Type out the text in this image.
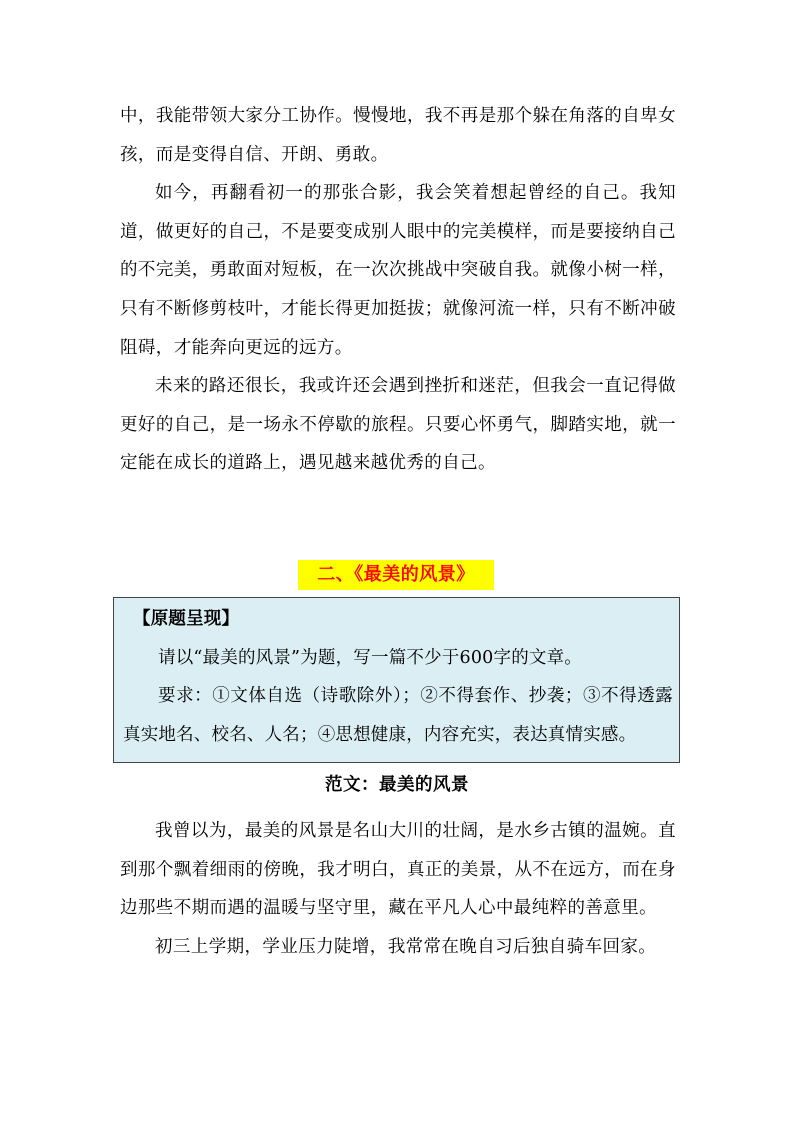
中，我能带领大家分工协作。慢慢地，我不再是那个躲在角落的自卑女孩，而是变得自信、开朗、勇敢。

如今，再翻看初一的那张合影，我会笑着想起曾经的自己。我知道，做更好的自己，不是要变成别人眼中的完美模样，而是要接纳自己的不完美，勇敢面对短板，在一次次挑战中突破自我。就像小树一样，只有不断修剪枝叶，才能长得更加挺拔；就像河流一样，只有不断冲破阻碍，才能奔向更远的远方。

未来的路还很长，我或许还会遇到挫折和迷茫，但我会一直记得做更好的自己，是一场永不停歇的旅程。只要心怀勇气，脚踏实地，就一定能在成长的道路上，遇见越来越优秀的自己。

二、《最美的风景》

【原题呈现】

请以“最美的风景”为题，写一篇不少于600字的文章。

要求：①文体自选（诗歌除外）；②不得套作、抄袭；③不得透露真实地名、校名、人名；④思想健康，内容充实，表达真情实感。

范文：最美的风景

我曾以为，最美的风景是名山大川的壮阔，是水乡古镇的温婉。直到那个飘着细雨的傍晚，我才明白，真正的美景，从不在远方，而在身边那些不期而遇的温暖与坚守里，藏在平凡人心中最纯粹的善意里。

初三上学期，学业压力陡增，我常常在晚自习后独自骑车回家。
